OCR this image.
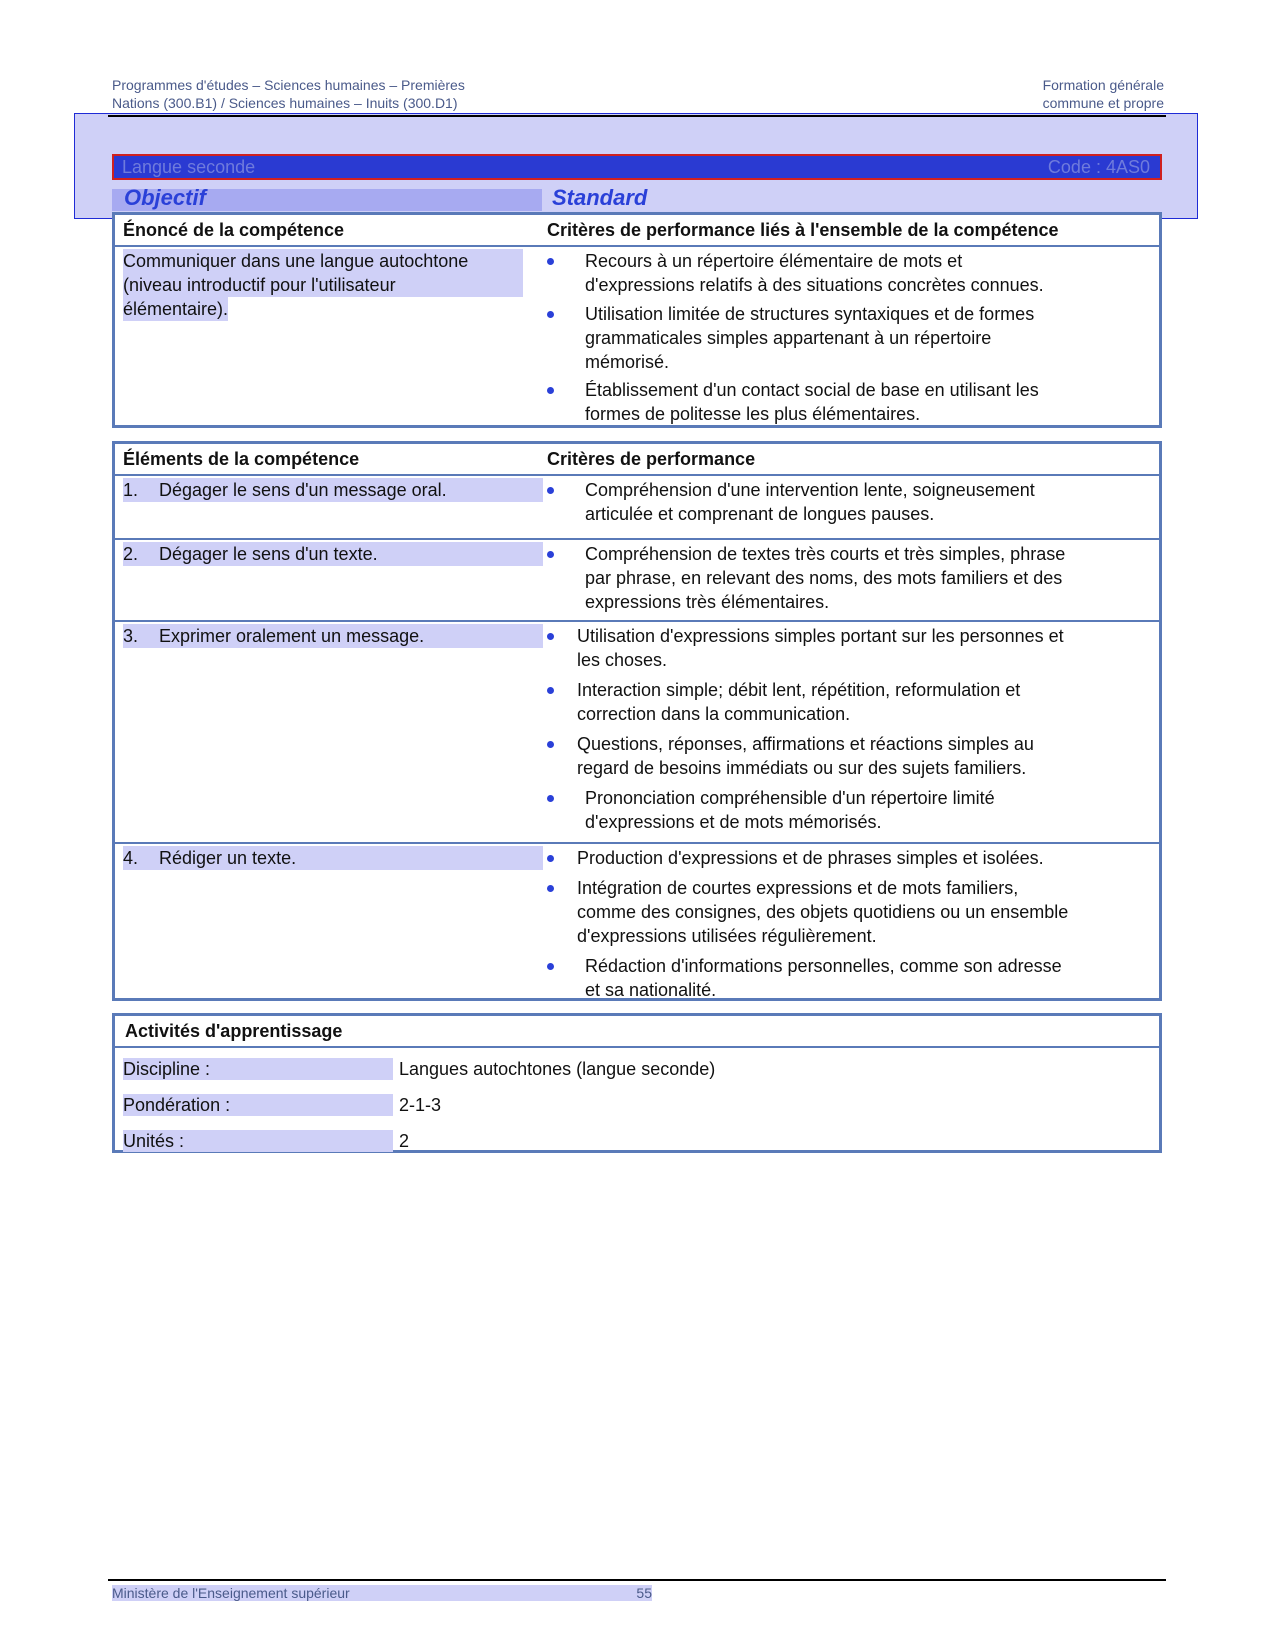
Programmes d'études – Sciences humaines – Premières
Nations (300.B1) / Sciences humaines – Inuits (300.D1)
Formation générale
commune et propre
Langue seconde	Code : 4AS0
Objectif	Standard
Énoncé de la compétence	Critères de performance liés à l'ensemble de la compétence
Communiquer dans une langue autochtone
(niveau introductif pour l'utilisateur
élémentaire).
Recours à un répertoire élémentaire de mots et
d'expressions relatifs à des situations concrètes connues.
Utilisation limitée de structures syntaxiques et de formes
grammaticales simples appartenant à un répertoire
mémorisé.
Établissement d'un contact social de base en utilisant les
formes de politesse les plus élémentaires.
Éléments de la compétence	Critères de performance
1. Dégager le sens d'un message oral.	Compréhension d'une intervention lente, soigneusement
articulée et comprenant de longues pauses.
2. Dégager le sens d'un texte.	Compréhension de textes très courts et très simples, phrase
par phrase, en relevant des noms, des mots familiers et des
expressions très élémentaires.
3. Exprimer oralement un message.	Utilisation d'expressions simples portant sur les personnes et
les choses.
Interaction simple; débit lent, répétition, reformulation et
correction dans la communication.
Questions, réponses, affirmations et réactions simples au
regard de besoins immédiats ou sur des sujets familiers.
Prononciation compréhensible d'un répertoire limité
d'expressions et de mots mémorisés.
4. Rédiger un texte.	Production d'expressions et de phrases simples et isolées.
Intégration de courtes expressions et de mots familiers,
comme des consignes, des objets quotidiens ou un ensemble
d'expressions utilisées régulièrement.
Rédaction d'informations personnelles, comme son adresse
et sa nationalité.
Activités d'apprentissage
Discipline :	Langues autochtones (langue seconde)
Pondération :	2-1-3
Unités :	2
Ministère de l'Enseignement supérieur	55
